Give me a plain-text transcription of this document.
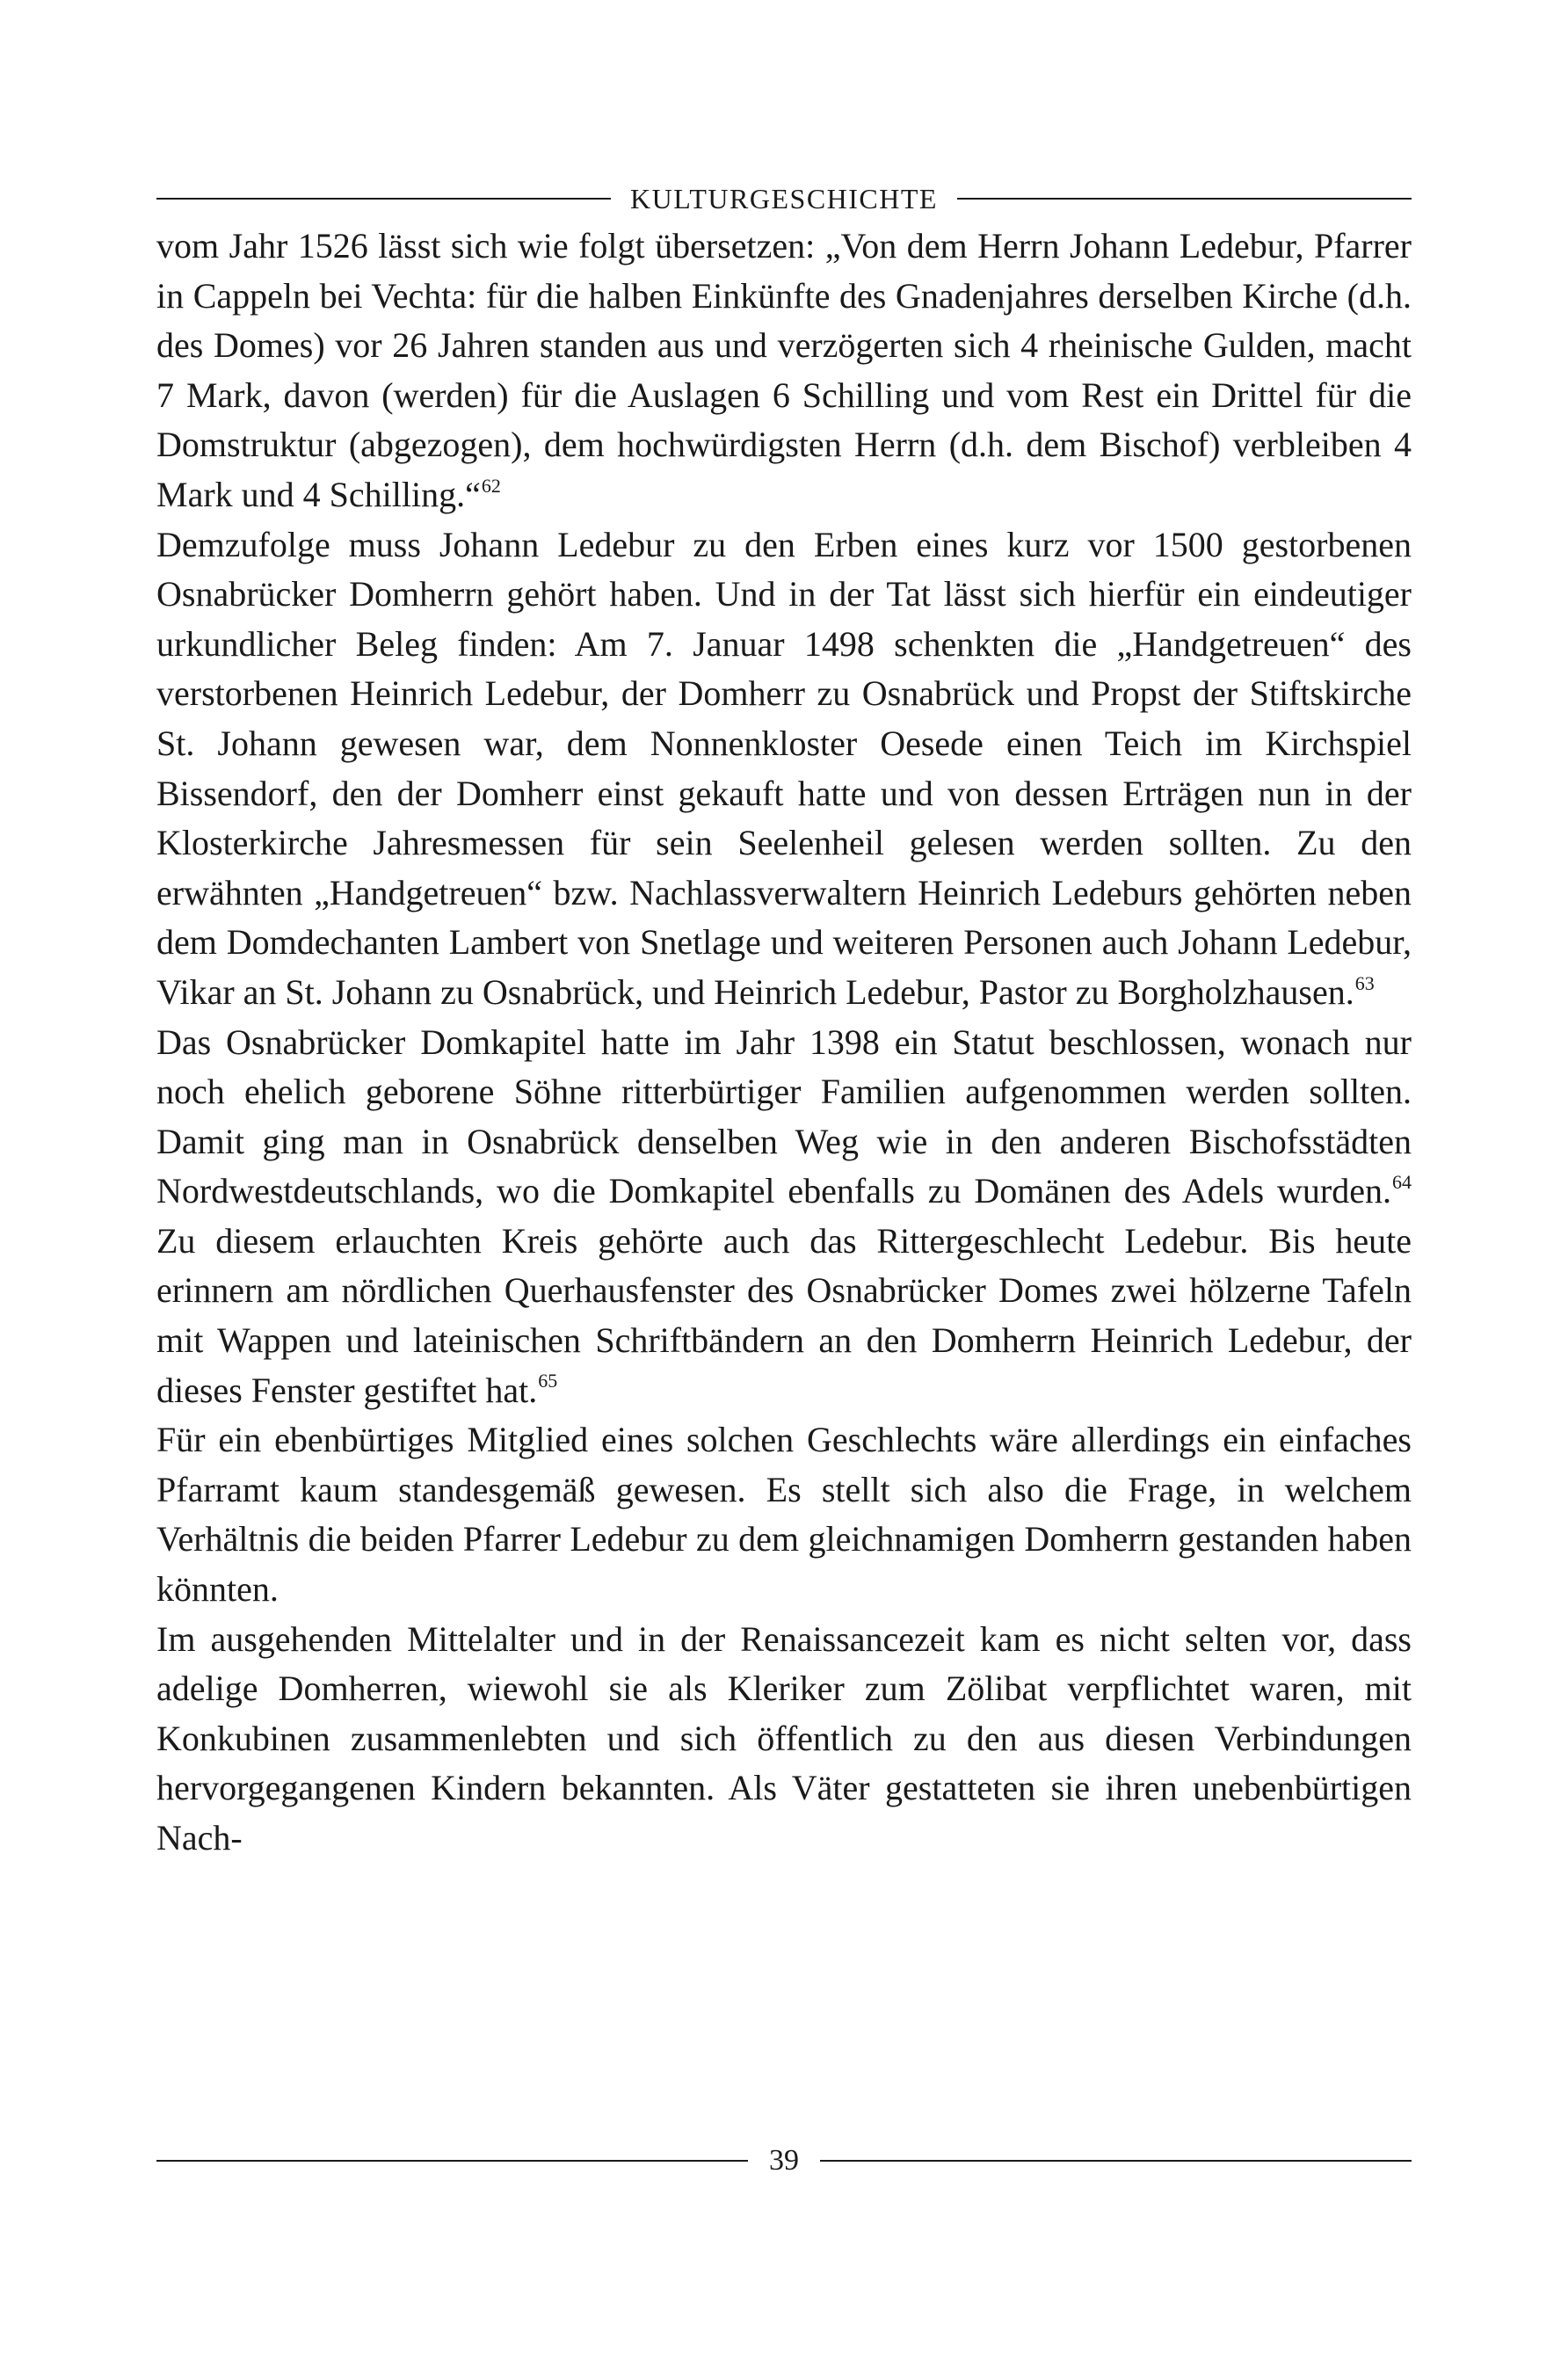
KULTURGESCHICHTE

vom Jahr 1526 lässt sich wie folgt übersetzen: „Von dem Herrn Johann Ledebur, Pfarrer in Cappeln bei Vechta: für die halben Einkünfte des Gnadenjahres derselben Kirche (d.h. des Domes) vor 26 Jahren standen aus und verzögerten sich 4 rheinische Gulden, macht 7 Mark, davon (werden) für die Auslagen 6 Schilling und vom Rest ein Drittel für die Domstruktur (abgezogen), dem hochwürdigsten Herrn (d.h. dem Bischof) verbleiben 4 Mark und 4 Schilling.“$^{62}$

Demzufolge muss Johann Ledebur zu den Erben eines kurz vor 1500 gestorbenen Osnabrücker Domherrn gehört haben. Und in der Tat lässt sich hierfür ein eindeutiger urkundlicher Beleg finden: Am 7. Januar 1498 schenkten die „Handgetreuen“ des verstorbenen Heinrich Ledebur, der Domherr zu Osnabrück und Propst der Stiftskirche St. Johann gewesen war, dem Nonnenkloster Oesede einen Teich im Kirchspiel Bissendorf, den der Domherr einst gekauft hatte und von dessen Erträgen nun in der Klosterkirche Jahresmessen für sein Seelenheil gelesen werden sollten. Zu den erwähnten „Handgetreuen“ bzw. Nachlassverwaltern Heinrich Ledeburs gehörten neben dem Domdechanten Lambert von Snetlage und weiteren Personen auch Johann Ledebur, Vikar an St. Johann zu Osnabrück, und Heinrich Ledebur, Pastor zu Borgholzhausen.$^{63}$

Das Osnabrücker Domkapitel hatte im Jahr 1398 ein Statut beschlossen, wonach nur noch ehelich geborene Söhne ritterbürtiger Familien aufgenommen werden sollten. Damit ging man in Osnabrück denselben Weg wie in den anderen Bischofsstädten Nordwestdeutschlands, wo die Domkapitel ebenfalls zu Domänen des Adels wurden.$^{64}$ Zu diesem erlauchten Kreis gehörte auch das Rittergeschlecht Ledebur. Bis heute erinnern am nördlichen Querhausfenster des Osnabrücker Domes zwei hölzerne Tafeln mit Wappen und lateinischen Schriftbändern an den Domherrn Heinrich Ledebur, der dieses Fenster gestiftet hat.$^{65}$

Für ein ebenbürtiges Mitglied eines solchen Geschlechts wäre allerdings ein einfaches Pfarramt kaum standesgemäß gewesen. Es stellt sich also die Frage, in welchem Verhältnis die beiden Pfarrer Ledebur zu dem gleichnamigen Domherrn gestanden haben könnten.

Im ausgehenden Mittelalter und in der Renaissancezeit kam es nicht selten vor, dass adelige Domherren, wiewohl sie als Kleriker zum Zölibat verpflichtet waren, mit Konkubinen zusammenlebten und sich öffentlich zu den aus diesen Verbindungen hervorgegangenen Kindern bekannten. Als Väter gestatteten sie ihren unebenbürtigen Nach-

39
